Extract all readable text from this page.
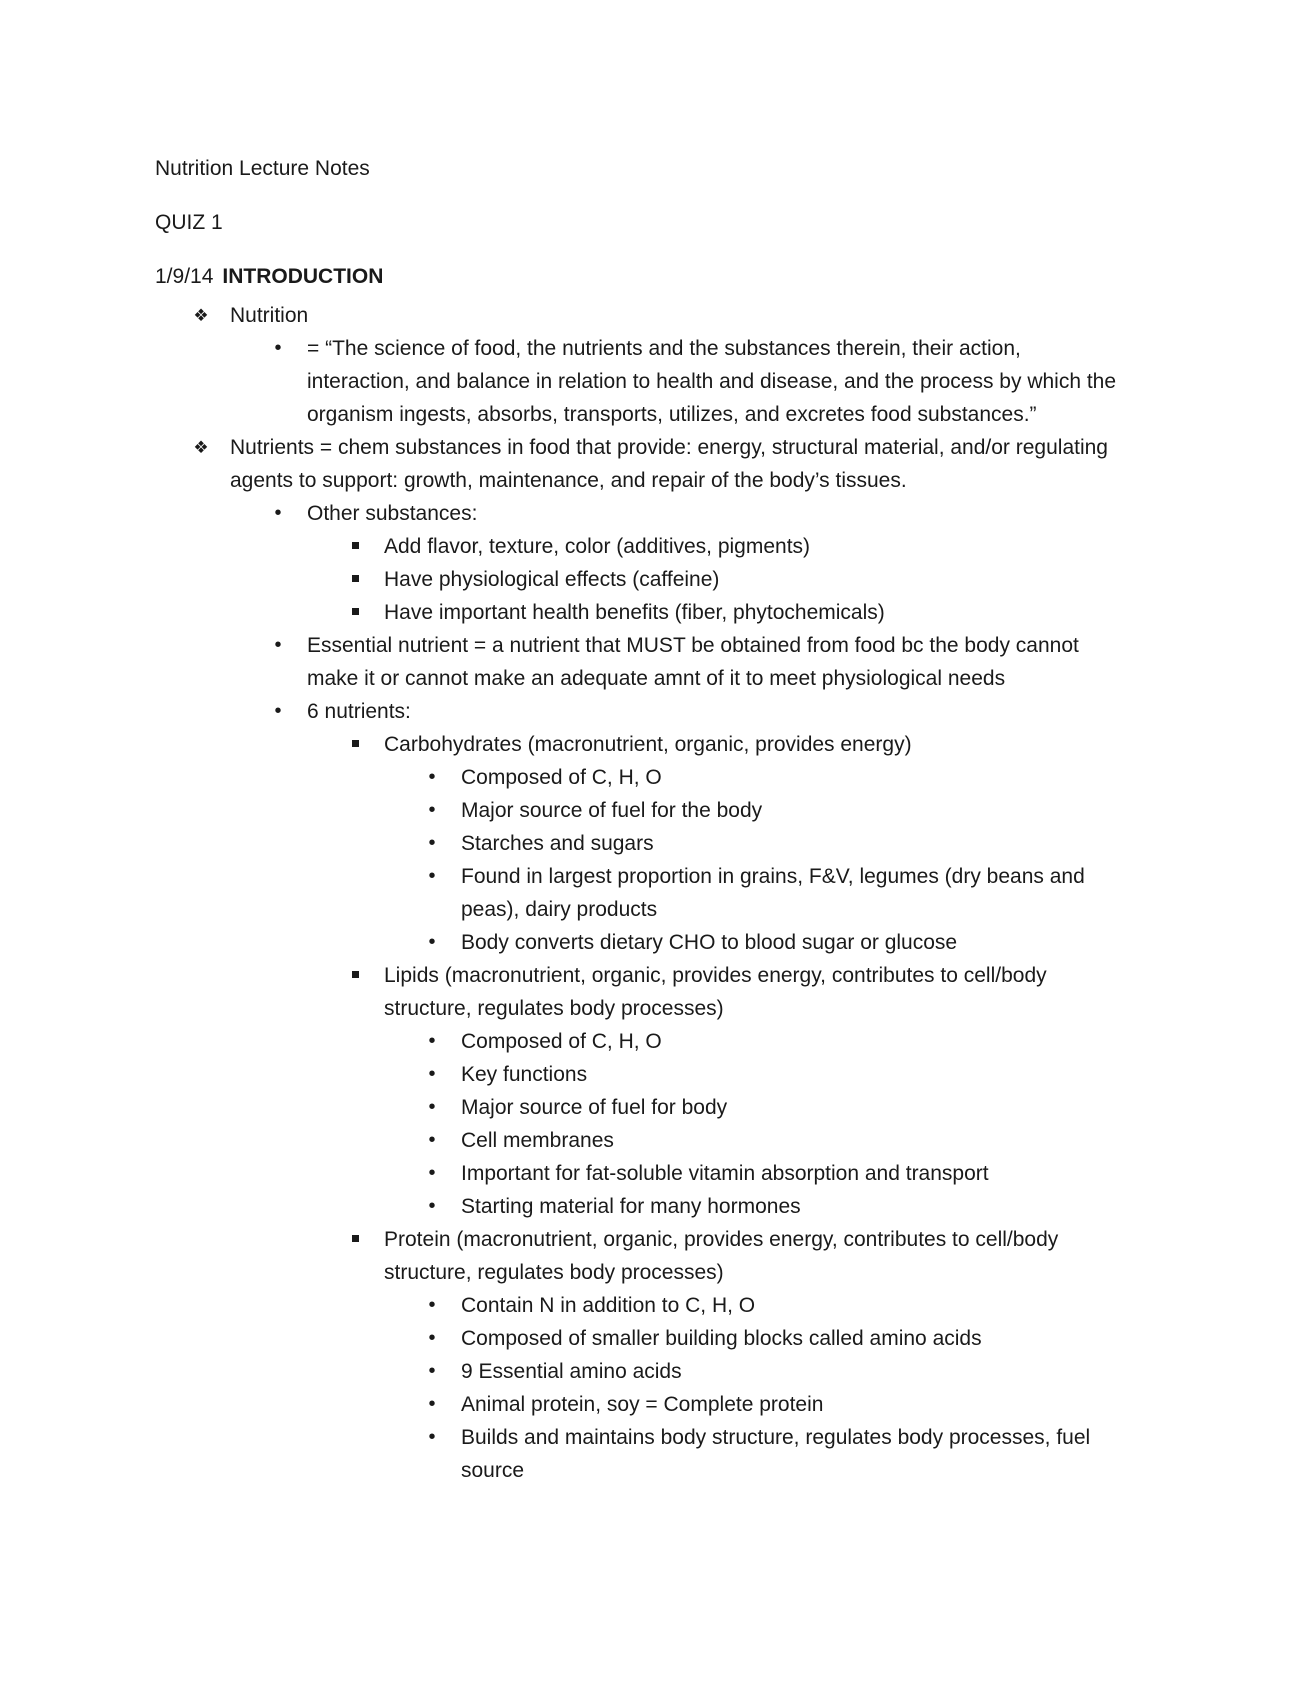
Nutrition Lecture Notes

QUIZ 1

1/9/14 INTRODUCTION

❖ Nutrition
•	= “The science of food, the nutrients and the substances therein, their action,
interaction, and balance in relation to health and disease, and the process by which the
organism ingests, absorbs, transports, utilizes, and excretes food substances.”
❖ Nutrients = chem substances in food that provide: energy, structural material, and/or regulating
agents to support: growth, maintenance, and repair of the body’s tissues.
•	Other substances:
Add flavor, texture, color (additives, pigments)
Have physiological effects (caffeine)
Have important health benefits (fiber, phytochemicals)
•	Essential nutrient = a nutrient that MUST be obtained from food bc the body cannot
make it or cannot make an adequate amnt of it to meet physiological needs
•	6 nutrients:
Carbohydrates (macronutrient, organic, provides energy)
•	Composed of C, H, O
•	Major source of fuel for the body
•	Starches and sugars
•	Found in largest proportion in grains, F&V, legumes (dry beans and
peas), dairy products
•	Body converts dietary CHO to blood sugar or glucose
Lipids (macronutrient, organic, provides energy, contributes to cell/body
structure, regulates body processes)
•	Composed of C, H, O
•	Key functions
•	Major source of fuel for body
•	Cell membranes
•	Important for fat-soluble vitamin absorption and transport
•	Starting material for many hormones
Protein (macronutrient, organic, provides energy, contributes to cell/body
structure, regulates body processes)
•	Contain N in addition to C, H, O
•	Composed of smaller building blocks called amino acids
•	9 Essential amino acids
•	Animal protein, soy = Complete protein
•	Builds and maintains body structure, regulates body processes, fuel
source
